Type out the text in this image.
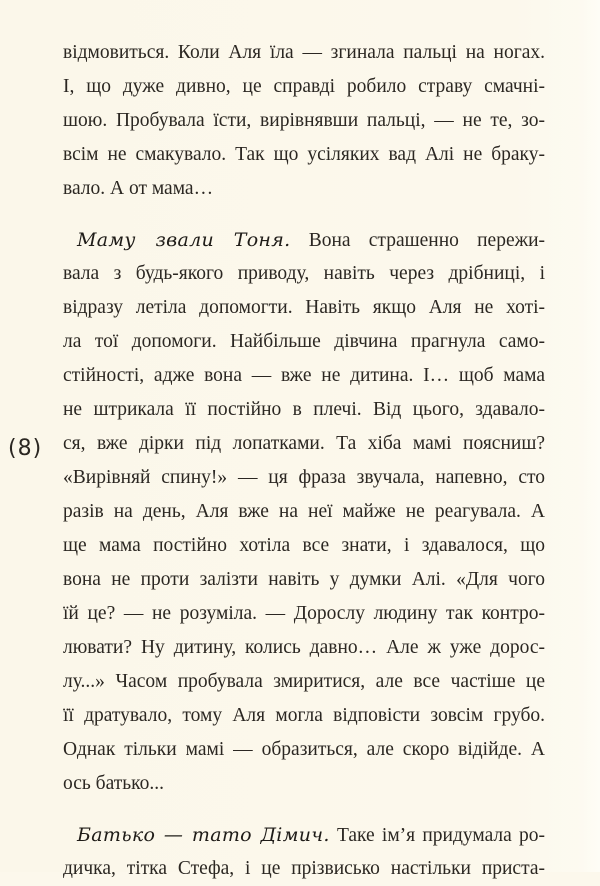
(8)
відмовиться. Коли Аля їла — згинала пальці на ногах.
І, що дуже дивно, це справді робило страву смачні-
шою. Пробувала їсти, вирівнявши пальці, — не те, зо-
всім не смакувало. Так що усіляких вад Алі не браку-
вало. А от мама…
Маму звали Тоня. Вона страшенно пережи-
вала з будь-якого приводу, навіть через дрібниці, і
відразу летіла допомогти. Навіть якщо Аля не хоті-
ла тої допомоги. Найбільше дівчина прагнула само-
стійності, адже вона — вже не дитина. І… щоб мама
не штрикала її постійно в плечі. Від цього, здавало-
ся, вже дірки під лопатками. Та хіба мамі поясниш?
«Вирівняй спину!» — ця фраза звучала, напевно, сто
разів на день, Аля вже на неї майже не реагувала. А
ще мама постійно хотіла все знати, і здавалося, що
вона не проти залізти навіть у думки Алі. «Для чого
їй це? — не розуміла. — Дорослу людину так контро-
лювати? Ну дитину, колись давно… Але ж уже дорос-
лу...» Часом пробувала змиритися, але все частіше це
її дратувало, тому Аля могла відповісти зовсім грубо.
Однак тільки мамі — образиться, але скоро відійде. А
ось батько...
Батько — тато Дімич. Таке ім’я придумала ро-
дичка, тітка Стефа, і це прізвисько настільки приста-
